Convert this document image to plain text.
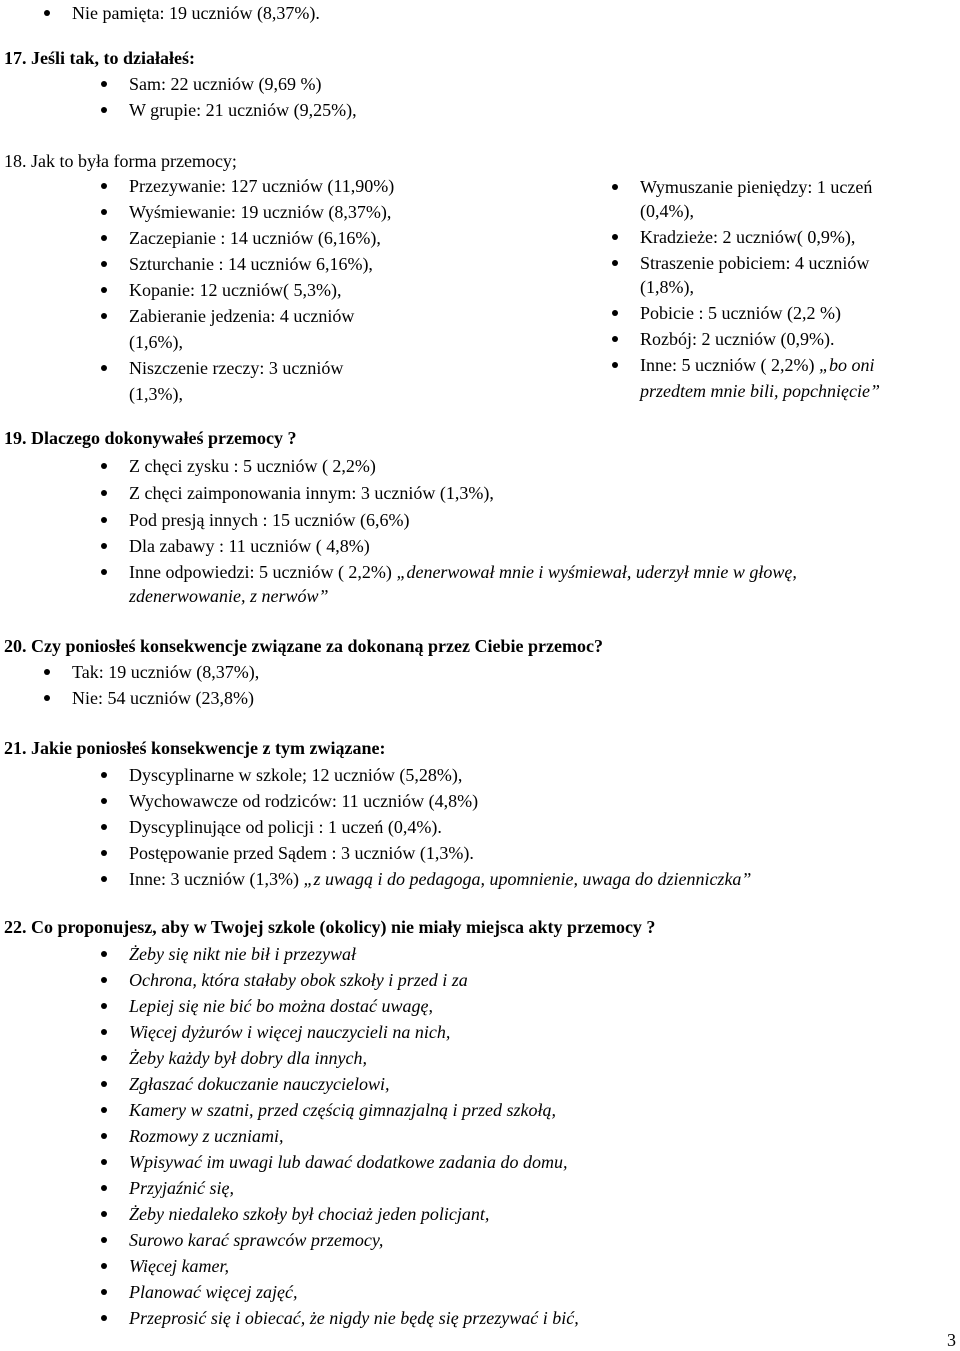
Nie pamięta: 19 uczniów (8,37%).
17. Jeśli tak, to działałeś:
Sam: 22 uczniów (9,69 %)
W grupie: 21 uczniów (9,25%),
18. Jak to była forma przemocy;
Przezywanie: 127 uczniów (11,90%)
Wyśmiewanie: 19 uczniów (8,37%),
Zaczepianie : 14 uczniów (6,16%),
Szturchanie : 14 uczniów 6,16%),
Kopanie: 12 uczniów( 5,3%),
Zabieranie jedzenia: 4 uczniów
(1,6%),
Niszczenie rzeczy: 3 uczniów
(1,3%),
Wymuszanie pieniędzy: 1 uczeń
(0,4%),
Kradzieże: 2 uczniów( 0,9%),
Straszenie pobiciem: 4 uczniów
(1,8%),
Pobicie : 5 uczniów (2,2 %)
Rozbój: 2 uczniów (0,9%).
Inne: 5 uczniów ( 2,2%) „bo oni
przedtem mnie bili, popchnięcie”
19. Dlaczego dokonywałeś przemocy ?
Z chęci zysku : 5 uczniów ( 2,2%)
Z chęci zaimponowania innym: 3 uczniów (1,3%),
Pod presją innych : 15 uczniów (6,6%)
Dla zabawy : 11 uczniów ( 4,8%)
Inne odpowiedzi: 5 uczniów ( 2,2%) „denerwował mnie i wyśmiewał, uderzył mnie w głowę,
zdenerwowanie, z nerwów”
20. Czy poniosłeś konsekwencje związane za dokonaną przez Ciebie przemoc?
Tak: 19 uczniów (8,37%),
Nie: 54 uczniów (23,8%)
21. Jakie poniosłeś konsekwencje z tym związane:
Dyscyplinarne w szkole; 12 uczniów (5,28%),
Wychowawcze od rodziców: 11 uczniów (4,8%)
Dyscyplinujące od policji : 1 uczeń (0,4%).
Postępowanie przed Sądem : 3 uczniów (1,3%).
Inne: 3 uczniów (1,3%) „z uwagą i do pedagoga, upomnienie, uwaga do dzienniczka”
22. Co proponujesz, aby w Twojej szkole (okolicy) nie miały miejsca akty przemocy ?
Żeby się nikt nie bił i przezywał
Ochrona, która stałaby obok szkoły i przed i za
Lepiej się nie bić bo można dostać uwagę,
Więcej dyżurów i więcej nauczycieli na nich,
Żeby każdy był dobry dla innych,
Zgłaszać dokuczanie nauczycielowi,
Kamery w szatni, przed częścią gimnazjalną i przed szkołą,
Rozmowy z uczniami,
Wpisywać im uwagi lub dawać dodatkowe zadania do domu,
Przyjaźnić się,
Żeby niedaleko szkoły był chociaż jeden policjant,
Surowo karać sprawców przemocy,
Więcej kamer,
Planować więcej zajęć,
Przeprosić się i obiecać, że nigdy nie będę się przezywać i bić,
3
